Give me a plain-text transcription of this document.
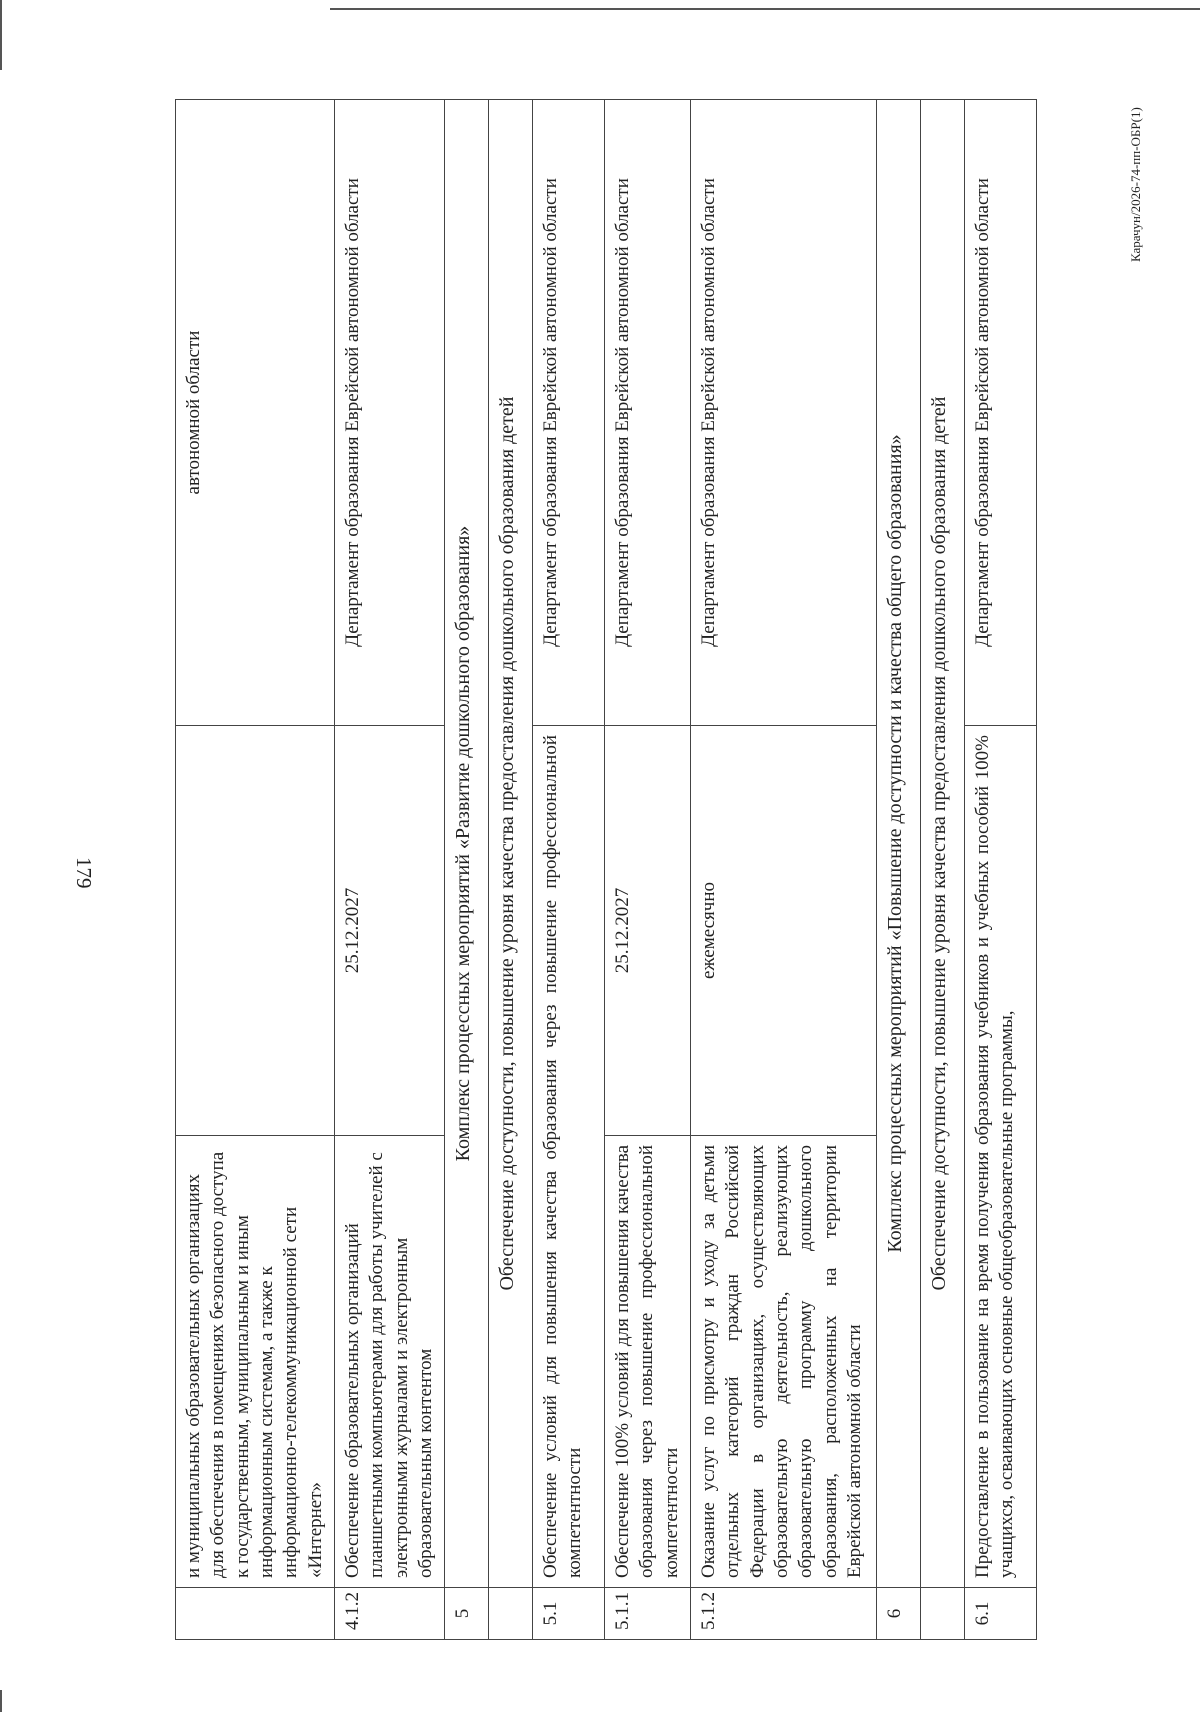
179
	и муниципальных образовательных организациях для обеспечения в помещениях безопасного доступа к государственным, муниципальным и иным информационным системам, а также к информационно-телекоммуникационной сети «Интернет»		автономной области
4.1.2	Обеспечение образовательных организаций планшетными компьютерами для работы учителей с электронными журналами и электронным образовательным контентом	25.12.2027	Департамент образования Еврейской автономной области
5	Комплекс процессных мероприятий «Развитие дошкольного образования»		
	Обеспечение доступности, повышение уровня качества предоставления дошкольного образования детей		
5.1	Обеспечение условий для повышения качества образования через повышение профессиональной компетентности		Департамент образования Еврейской автономной области
5.1.1	Обеспечение 100% условий для повышения качества образования через повышение профессиональной компетентности	25.12.2027	Департамент образования Еврейской автономной области
5.1.2	Оказание услуг по присмотру и уходу за детьми отдельных категорий граждан Российской Федерации в организациях, осуществляющих образовательную деятельность, реализующих образовательную программу дошкольного образования, расположенных на территории Еврейской автономной области	ежемесячно	Департамент образования Еврейской автономной области
6	Комплекс процессных мероприятий «Повышение доступности и качества общего образования»		
	Обеспечение доступности, повышение уровня качества предоставления дошкольного образования детей		
6.1	Предоставление в пользование на время получения образования учебников и учебных пособий 100% учащихся, осваивающих основные общеобразовательные программы,		Департамент образования Еврейской автономной области	Карачун/2026-74-пп-ОБР(1)
